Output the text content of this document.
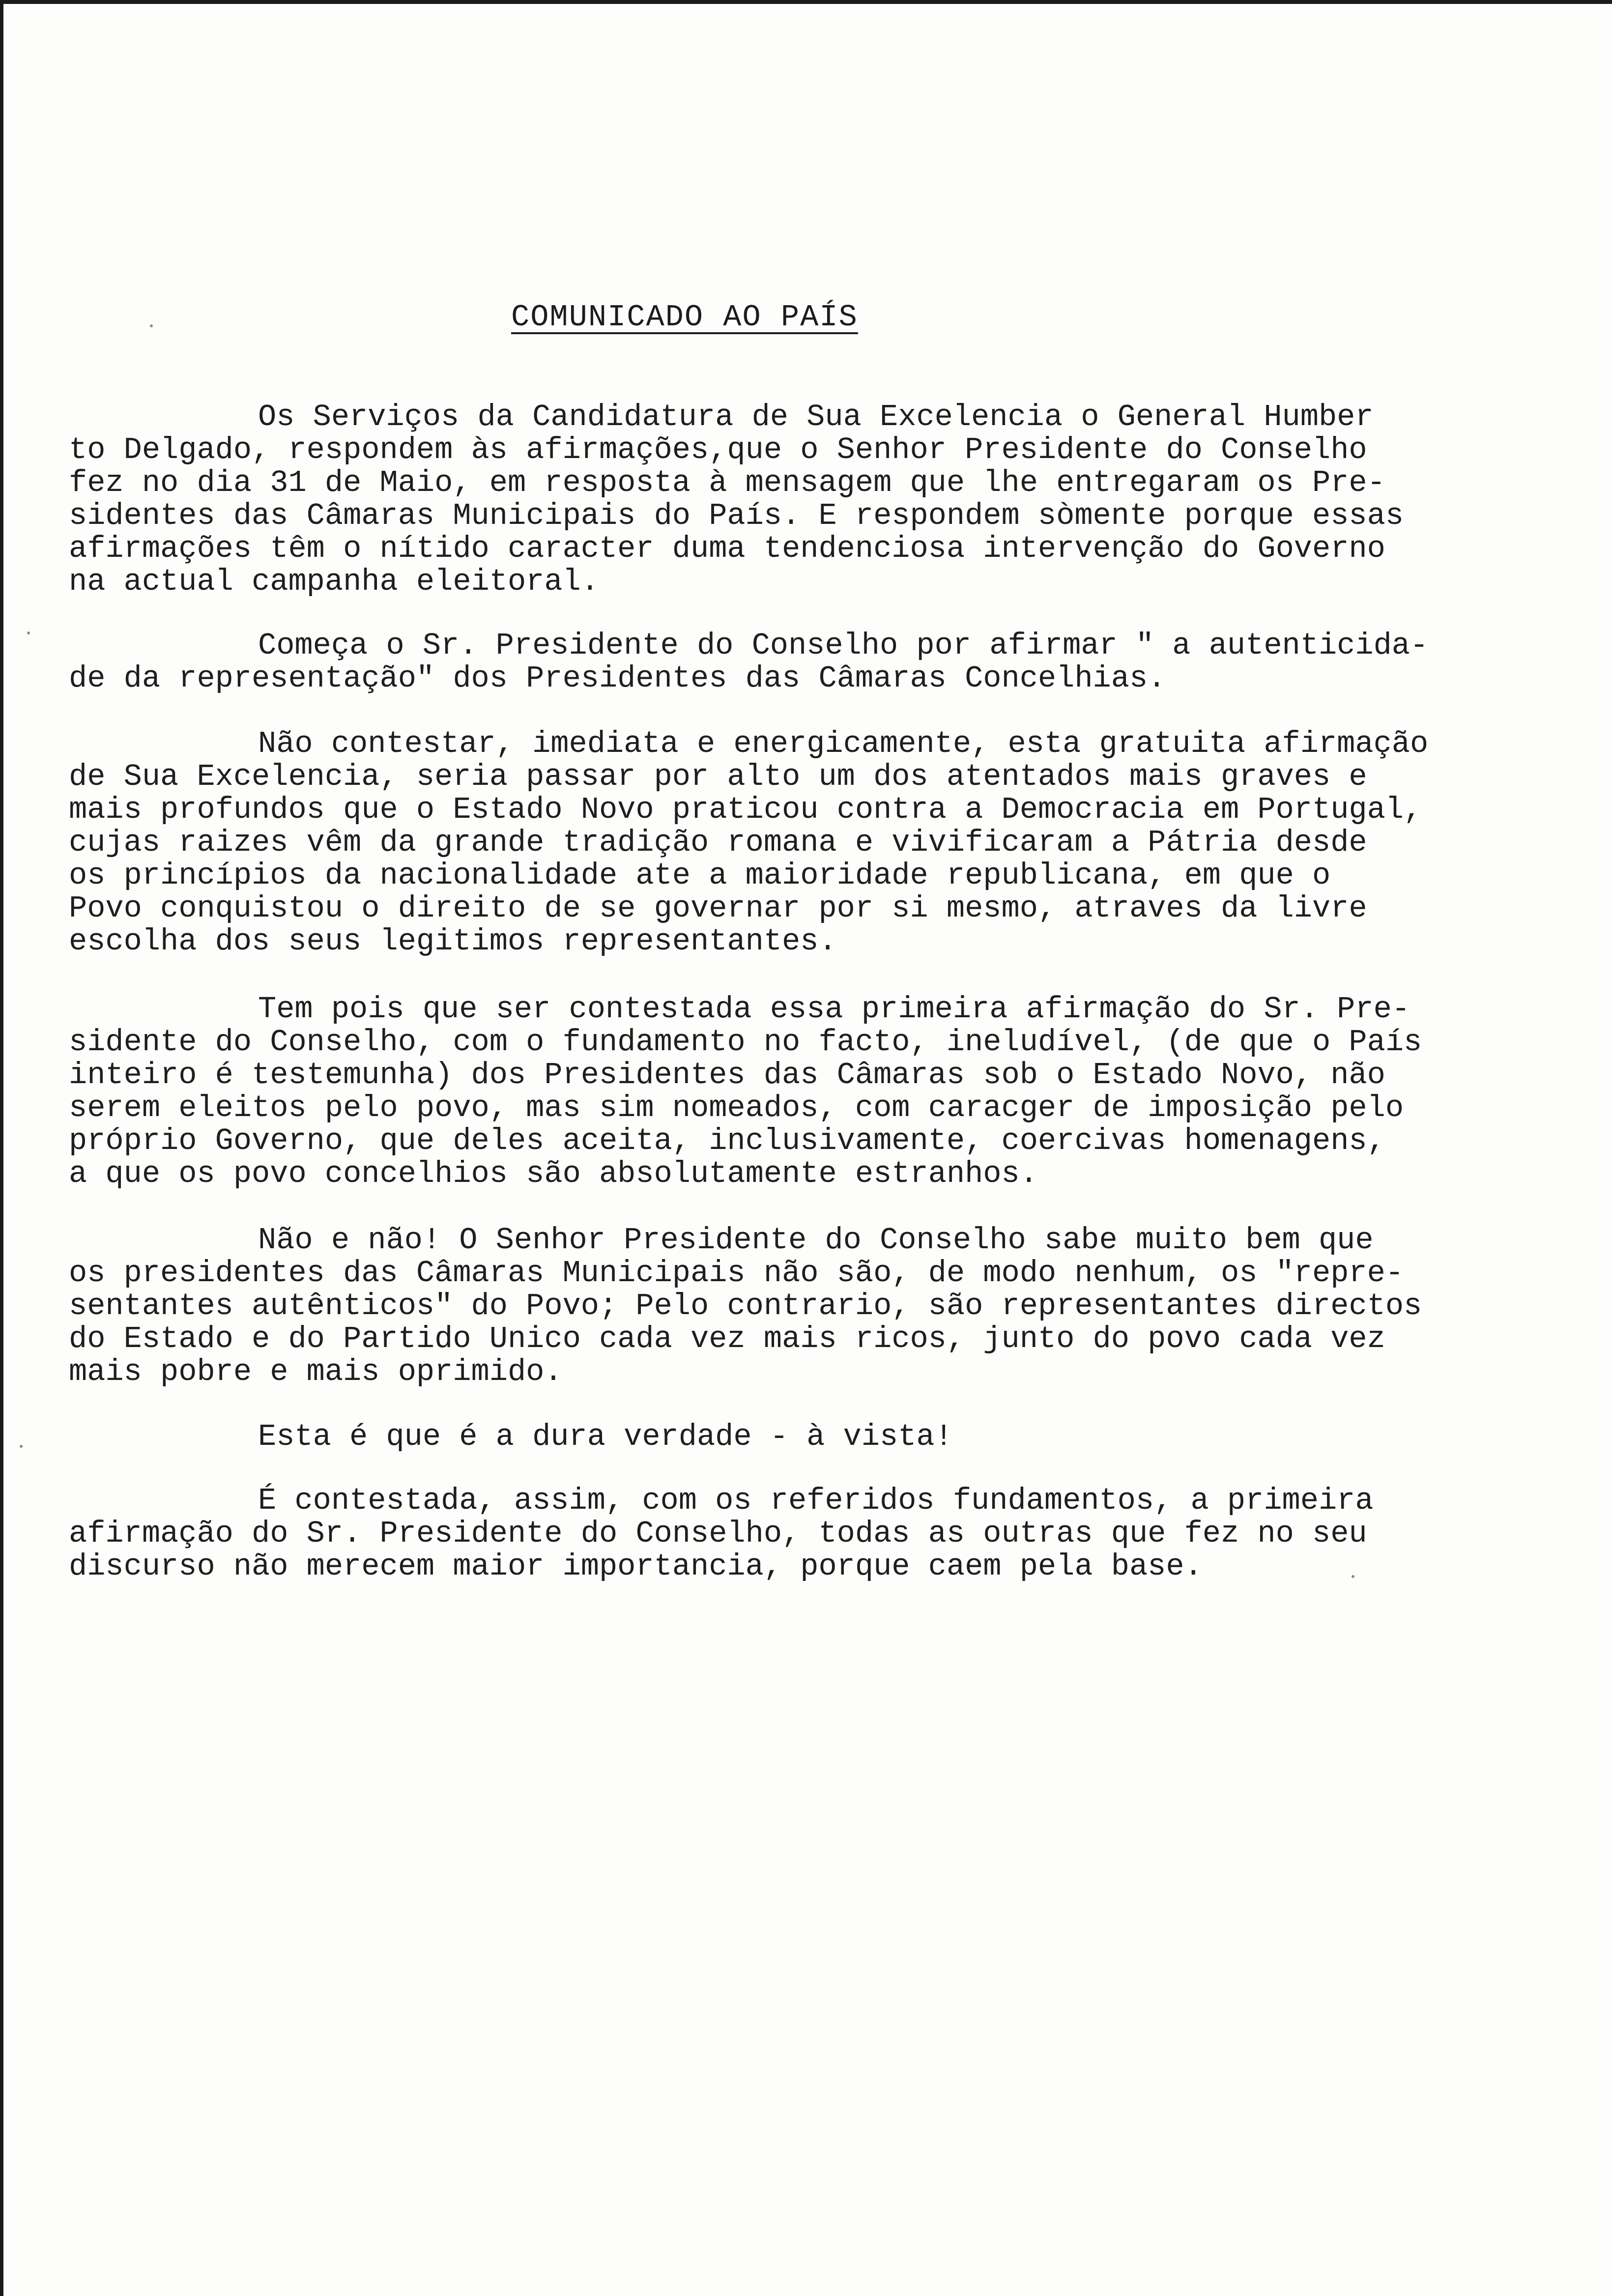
COMUNICADO AO PAÍS
Os Serviços da Candidatura de Sua Excelencia o General Humber
to Delgado, respondem às afirmações,que o Senhor Presidente do Conselho
fez no dia 31 de Maio, em resposta à mensagem que lhe entregaram os Pre-
sidentes das Câmaras Municipais do País. E respondem sòmente porque essas
afirmações têm o nítido caracter duma tendenciosa intervenção do Governo
na actual campanha eleitoral.
Começa o Sr. Presidente do Conselho por afirmar " a autenticida-
de da representação" dos Presidentes das Câmaras Concelhias.
Não contestar, imediata e energicamente, esta gratuita afirmação
de Sua Excelencia, seria passar por alto um dos atentados mais graves e
mais profundos que o Estado Novo praticou contra a Democracia em Portugal,
cujas raizes vêm da grande tradição romana e vivificaram a Pátria desde
os princípios da nacionalidade ate a maioridade republicana, em que o
Povo conquistou o direito de se governar por si mesmo, atraves da livre
escolha dos seus legitimos representantes.
Tem pois que ser contestada essa primeira afirmação do Sr. Pre-
sidente do Conselho, com o fundamento no facto, ineludível, (de que o País
inteiro é testemunha) dos Presidentes das Câmaras sob o Estado Novo, não
serem eleitos pelo povo, mas sim nomeados, com caracger de imposição pelo
próprio Governo, que deles aceita, inclusivamente, coercivas homenagens,
a que os povo concelhios são absolutamente estranhos.
Não e não! O Senhor Presidente do Conselho sabe muito bem que
os presidentes das Câmaras Municipais não são, de modo nenhum, os "repre-
sentantes autênticos" do Povo; Pelo contrario, são representantes directos
do Estado e do Partido Unico cada vez mais ricos, junto do povo cada vez
mais pobre e mais oprimido.
Esta é que é a dura verdade - à vista!
É contestada, assim, com os referidos fundamentos, a primeira
afirmação do Sr. Presidente do Conselho, todas as outras que fez no seu
discurso não merecem maior importancia, porque caem pela base.
